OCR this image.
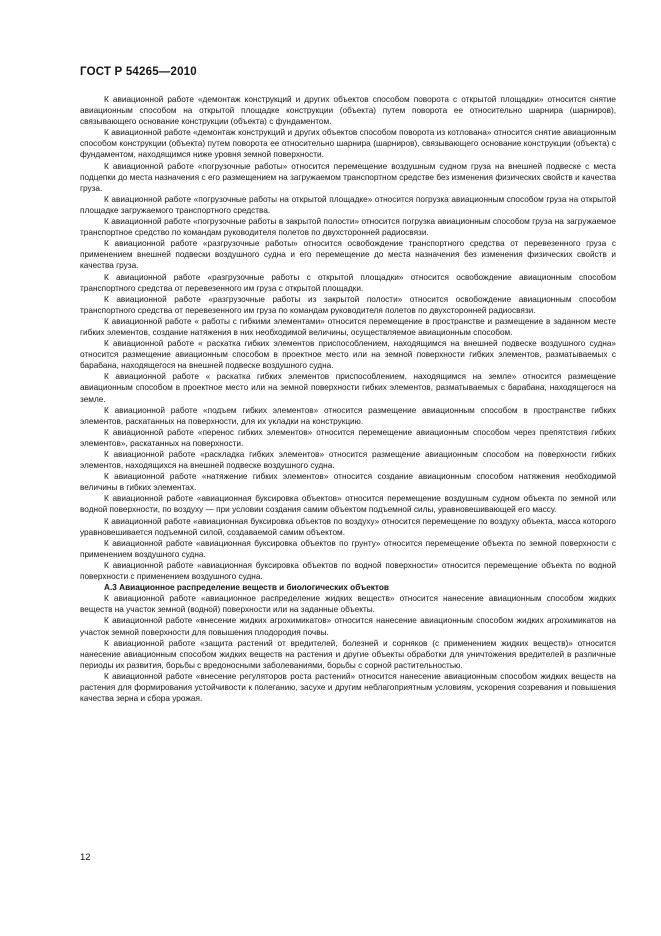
ГОСТ Р 54265—2010

К авиационной работе «демонтаж конструкций и других объектов способом поворота с открытой площадки» относится снятие авиационным способом на открытой площадке конструкции (объекта) путем поворота ее относительно шарнира (шарниров), связывающего основание конструкции (объекта) с фундаментом.

К авиационной работе «демонтаж конструкций и других объектов способом поворота из котлована» относится снятие авиационным способом конструкции (объекта) путем поворота ее относительно шарнира (шарниров), связывающего основание конструкции (объекта) с фундаментом, находящимся ниже уровня земной поверхности.

К авиационной работе «погрузочные работы» относится перемещение воздушным судном груза на внешней подвеске с места подцепки до места назначения с его размещением на загружаемом транспортном средстве без изменения физических свойств и качества груза.

К авиационной работе «погрузочные работы на открытой площадке» относится погрузка авиационным способом груза на открытой площадке загружаемого транспортного средства.

К авиационной работе «погрузочные работы в закрытой полости» относится погрузка авиационным способом груза на загружаемое транспортное средство по командам руководителя полетов по двухсторонней радиосвязи.

К авиационной работе «разгрузочные работы» относится освобождение транспортного средства от перевезенного груза с применением внешней подвески воздушного судна и его перемещение до места назначения без изменения физических свойств и качества груза.

К авиационной работе «разгрузочные работы с открытой площадки» относится освобождение авиационным способом транспортного средства от перевезенного им груза с открытой площадки.

К авиационной работе «разгрузочные работы из закрытой полости» относится освобождение авиационным способом транспортного средства от перевезенного им груза по командам руководителя полетов по двухсторонней радиосвязи.

К авиационной работе « работы с гибкими элементами» относится перемещение в пространстве и размещение в заданном месте гибких элементов, создание натяжения в них необходимой величины, осуществляемое авиационным способом.

К авиационной работе « раскатка гибких элементов приспособлением, находящимся на внешней подвеске воздушного судна» относится размещение авиационным способом в проектное место или на земной поверхности гибких элементов, разматываемых с барабана, находящегося на внешней подвеске воздушного судна.

К авиационной работе « раскатка гибких элементов приспособлением, находящимся на земле» относится размещение авиационным способом в проектное место или на земной поверхности гибких элементов, разматываемых с барабана, находящегося на земле.

К авиационной работе «подъем гибких элементов» относится размещение авиационным способом в пространстве гибких элементов, раскатанных на поверхности, для их укладки на конструкцию.

К авиационной работе «перенос гибких элементов» относится перемещение авиационным способом через препятствия гибких элементов», раскатанных на поверхности.

К авиационной работе «раскладка гибких элементов» относится размещение авиационным способом на поверхности гибких элементов, находящихся на внешней подвеске воздушного судна.

К авиационной работе «натяжение гибких элементов» относится создание авиационным способом натяжения необходимой величины в гибких элементах.

К авиационной работе «авиационная буксировка объектов» относится перемещение воздушным судном объекта по земной или водной поверхности, по воздуху — при условии создания самим объектом подъемной силы, уравновешивающей его массу.

К авиационной работе «авиационная буксировка объектов по воздуху» относится перемещение по воздуху объекта, масса которого уравновешивается подъемной силой, создаваемой самим объектом.

К авиационной работе «авиационная буксировка объектов по грунту» относится перемещение объекта по земной поверхности с применением воздушного судна.

К авиационной работе «авиационная буксировка объектов по водной поверхности» относится перемещение объекта по водной поверхности с применением воздушного судна.

А.3 Авиационное распределение веществ и биологических объектов

К авиационной работе «авиационное распределение жидких веществ» относится нанесение авиационным способом жидких веществ на участок земной (водной) поверхности или на заданные объекты.

К авиационной работе «внесение жидких агрохимикатов» относится нанесение авиационным способом жидких агрохимикатов на участок земной поверхности для повышения плодородия почвы.

К авиационной работе «защита растений от вредителей, болезней и сорняков (с применением жидких веществ)» относится нанесение авиационным способом жидких веществ на растения и другие объекты обработки для уничтожения вредителей в различные периоды их развития, борьбы с вредоносными заболеваниями, борьбы с сорной растительностью.

К авиационной работе «внесение регуляторов роста растений» относится нанесение авиационным способом жидких веществ на растения для формирования устойчивости к полеганию, засухе и другим неблагоприятным условиям, ускорения созревания и повышения качества зерна и сбора урожая.

12
